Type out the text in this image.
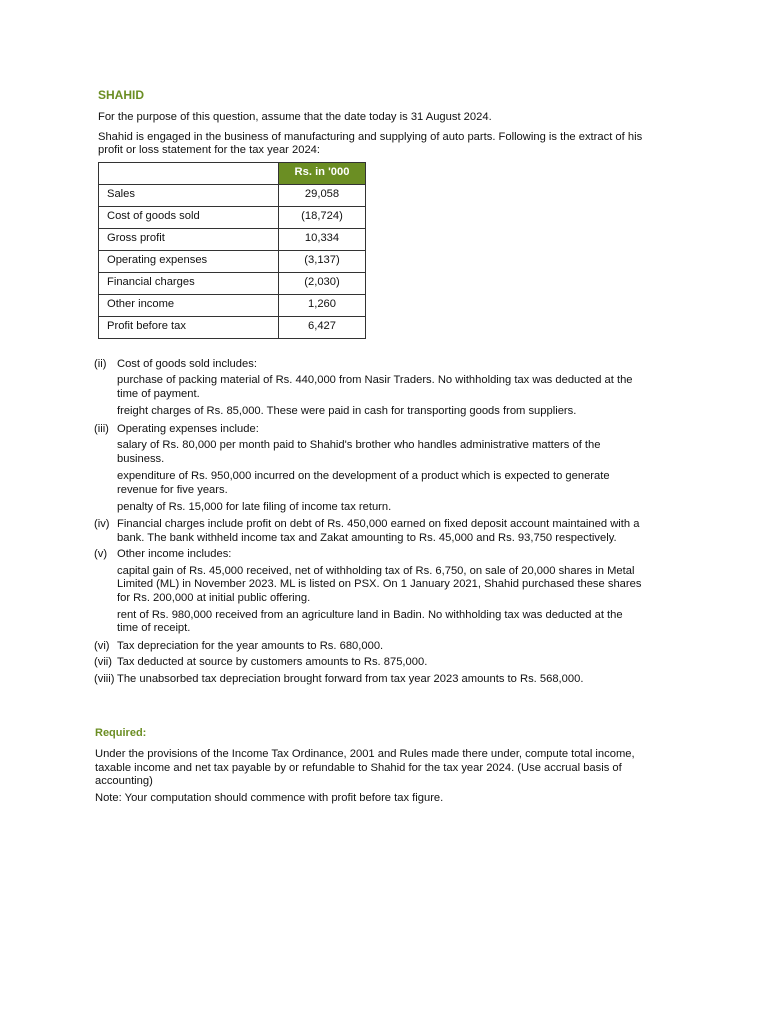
SHAHID
For the purpose of this question, assume that the date today is 31 August 2024.
Shahid is engaged in the business of manufacturing and supplying of auto parts. Following is the extract of his profit or loss statement for the tax year 2024:
	Rs. in '000
Sales	29,058
Cost of goods sold	(18,724)
Gross profit	10,334
Operating expenses	(3,137)
Financial charges	(2,030)
Other income	1,260
Profit before tax	6,427
(ii) Cost of goods sold includes:
purchase of packing material of Rs. 440,000 from Nasir Traders. No withholding tax was deducted at the time of payment.
freight charges of Rs. 85,000. These were paid in cash for transporting goods from suppliers.
(iii) Operating expenses include:
salary of Rs. 80,000 per month paid to Shahid's brother who handles administrative matters of the business.
expenditure of Rs. 950,000 incurred on the development of a product which is expected to generate revenue for five years.
penalty of Rs. 15,000 for late filing of income tax return.
(iv) Financial charges include profit on debt of Rs. 450,000 earned on fixed deposit account maintained with a bank. The bank withheld income tax and Zakat amounting to Rs. 45,000 and Rs. 93,750 respectively.
(v) Other income includes:
capital gain of Rs. 45,000 received, net of withholding tax of Rs. 6,750, on sale of 20,000 shares in Metal Limited (ML) in November 2023. ML is listed on PSX. On 1 January 2021, Shahid purchased these shares for Rs. 200,000 at initial public offering.
rent of Rs. 980,000 received from an agriculture land in Badin. No withholding tax was deducted at the time of receipt.
(vi) Tax depreciation for the year amounts to Rs. 680,000.
(vii) Tax deducted at source by customers amounts to Rs. 875,000.
(viii) The unabsorbed tax depreciation brought forward from tax year 2023 amounts to Rs. 568,000.
Required:
Under the provisions of the Income Tax Ordinance, 2001 and Rules made there under, compute total income, taxable income and net tax payable by or refundable to Shahid for the tax year 2024. (Use accrual basis of accounting)
Note: Your computation should commence with profit before tax figure.
